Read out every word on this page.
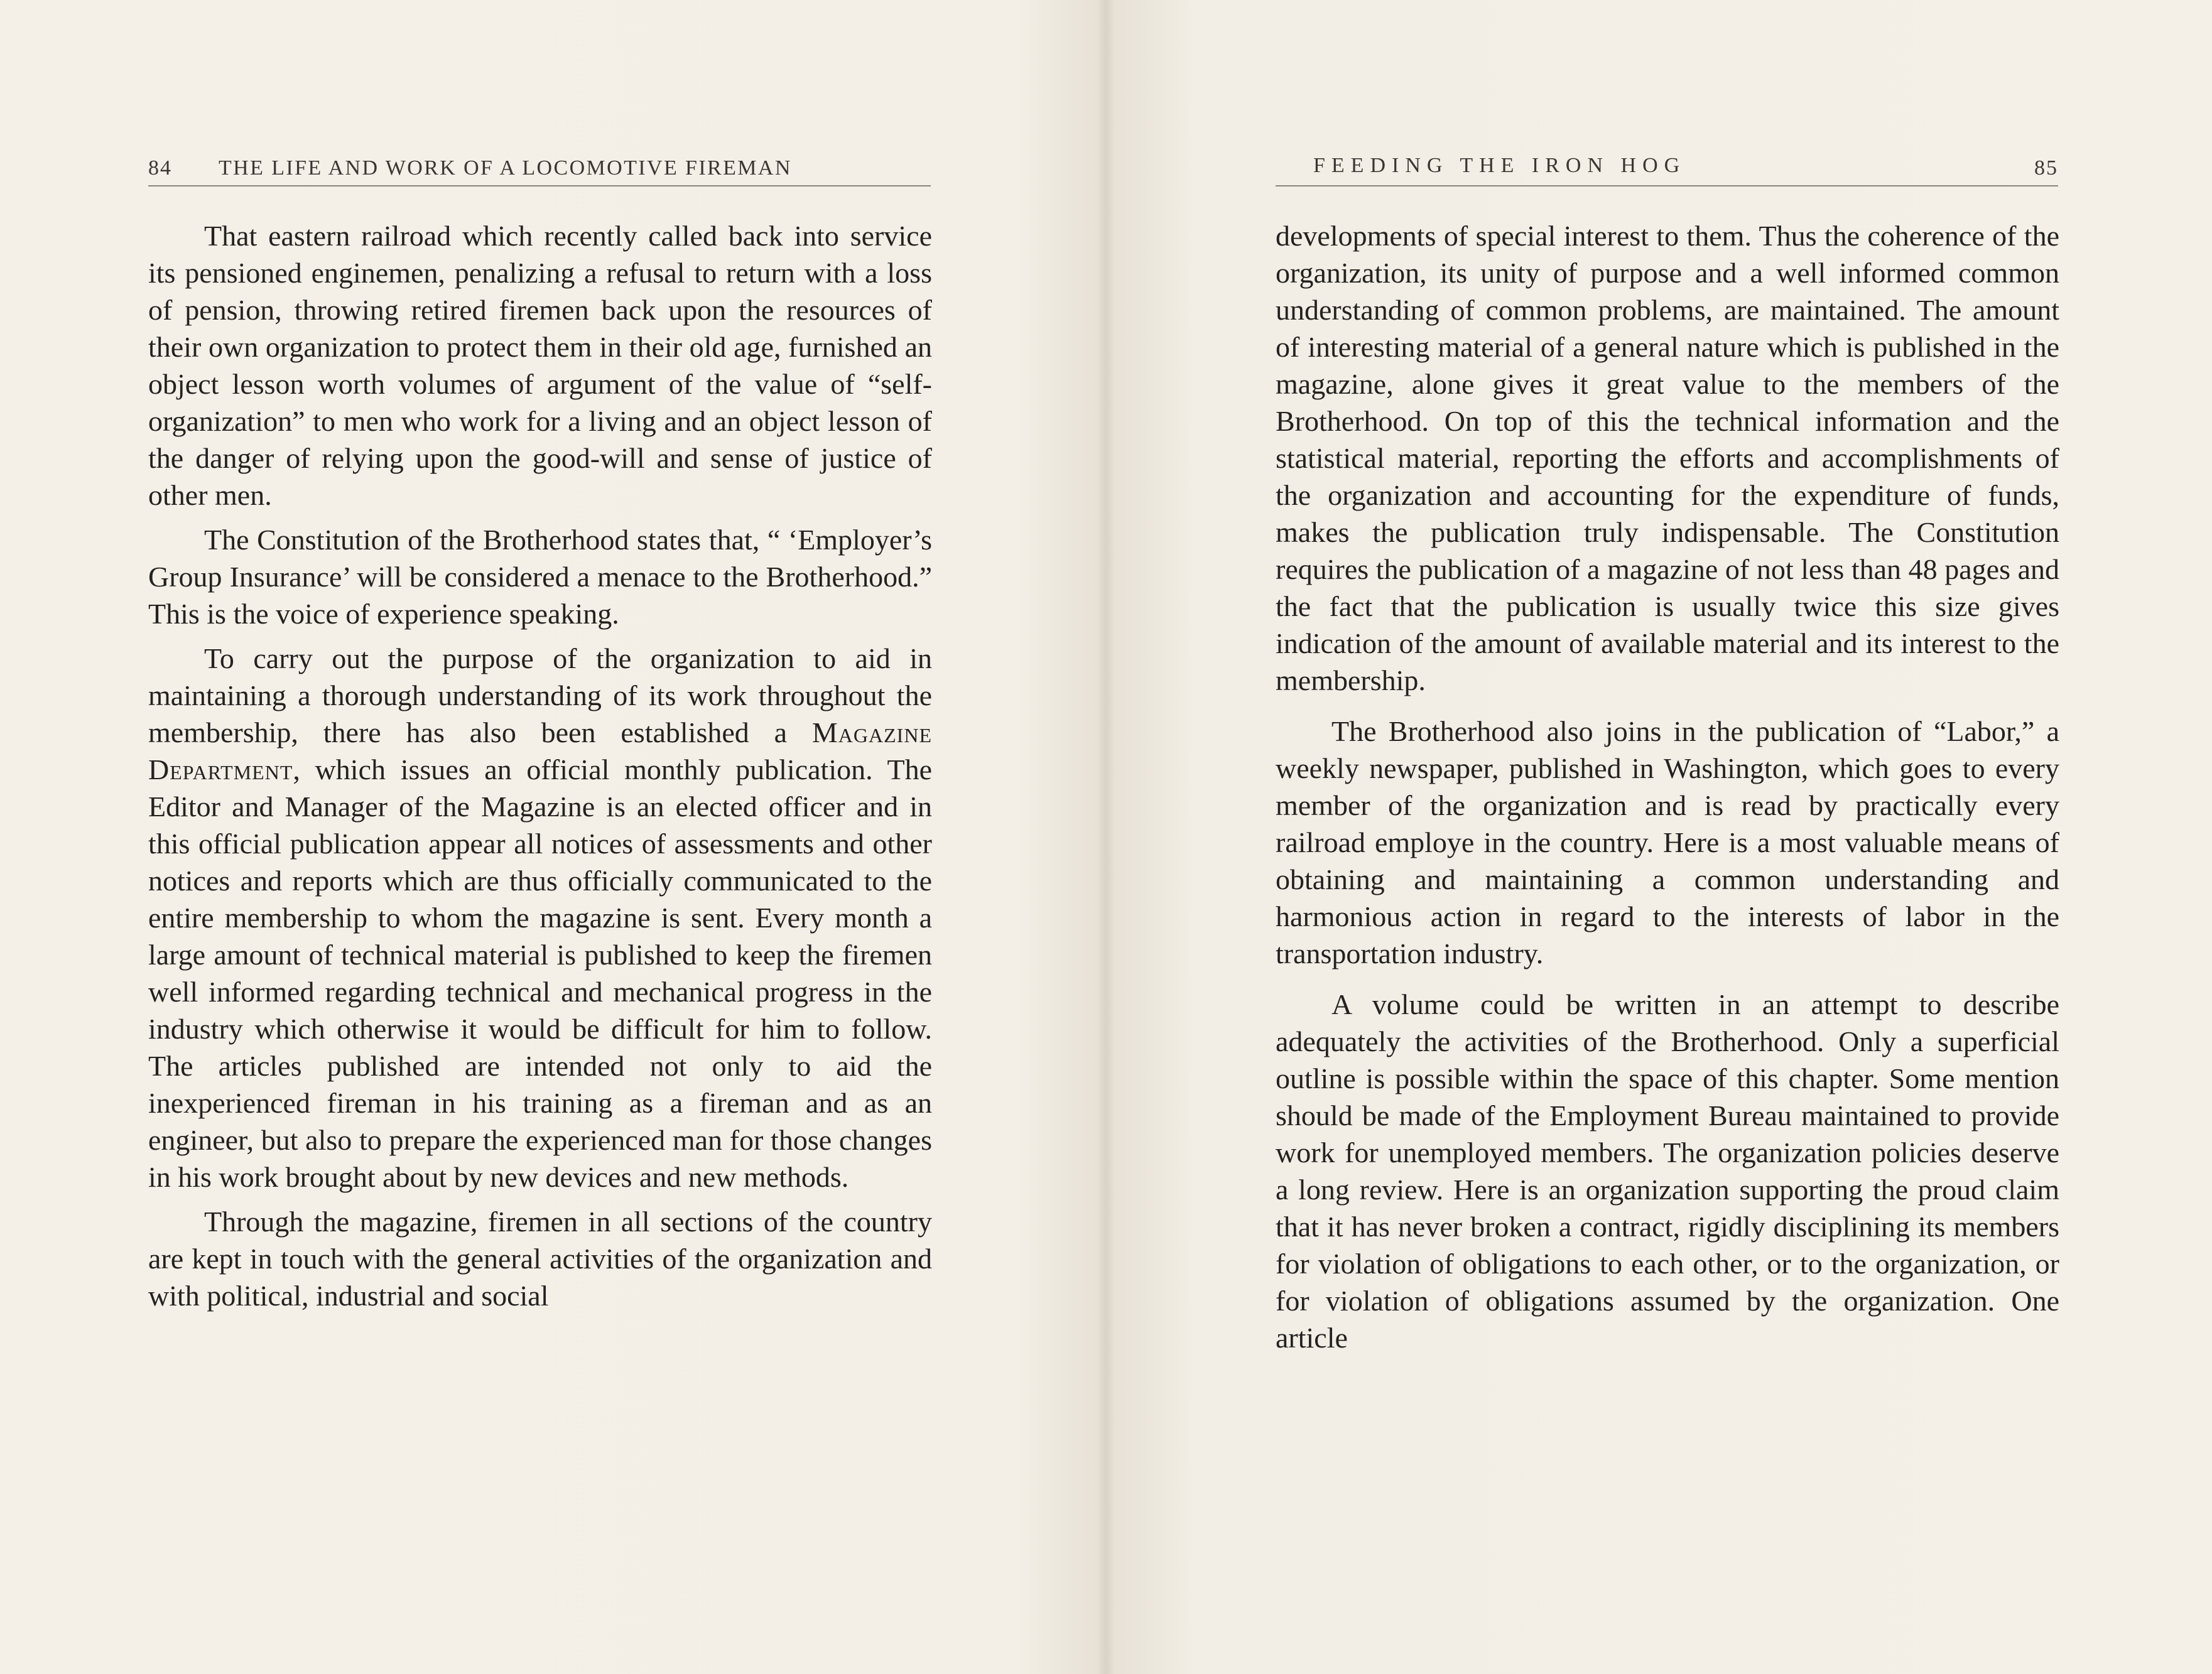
84 THE LIFE AND WORK OF A LOCOMOTIVE FIREMAN

That eastern railroad which recently called back into service its pensioned enginemen, penalizing a refusal to return with a loss of pension, throwing retired firemen back upon the resources of their own organization to protect them in their old age, furnished an object lesson worth volumes of argument of the value of “self-organization” to men who work for a living and an object lesson of the danger of relying upon the good-will and sense of justice of other men.

The Constitution of the Brotherhood states that, “ ‘Employer’s Group Insurance’ will be considered a menace to the Brotherhood.” This is the voice of experience speaking.

To carry out the purpose of the organization to aid in maintaining a thorough understanding of its work throughout the membership, there has also been established a Magazine Department, which issues an official monthly publication. The Editor and Manager of the Magazine is an elected officer and in this official publication appear all notices of assessments and other notices and reports which are thus officially communicated to the entire membership to whom the magazine is sent. Every month a large amount of technical material is published to keep the firemen well informed regarding technical and mechanical progress in the industry which otherwise it would be difficult for him to follow. The articles published are intended not only to aid the inexperienced fireman in his training as a fireman and as an engineer, but also to prepare the experienced man for those changes in his work brought about by new devices and new methods.

Through the magazine, firemen in all sections of the country are kept in touch with the general activities of the organization and with political, industrial and social

FEEDING THE IRON HOG	85

developments of special interest to them. Thus the coherence of the organization, its unity of purpose and a well informed common understanding of common problems, are maintained. The amount of interesting material of a general nature which is published in the magazine, alone gives it great value to the members of the Brotherhood. On top of this the technical information and the statistical material, reporting the efforts and accomplishments of the organization and accounting for the expenditure of funds, makes the publication truly indispensable. The Constitution requires the publication of a magazine of not less than 48 pages and the fact that the publication is usually twice this size gives indication of the amount of available material and its interest to the membership.

The Brotherhood also joins in the publication of “Labor,” a weekly newspaper, published in Washington, which goes to every member of the organization and is read by practically every railroad employe in the country. Here is a most valuable means of obtaining and maintaining a common understanding and harmonious action in regard to the interests of labor in the transportation industry.

A volume could be written in an attempt to describe adequately the activities of the Brotherhood. Only a superficial outline is possible within the space of this chapter. Some mention should be made of the Employment Bureau maintained to provide work for unemployed members. The organization policies deserve a long review. Here is an organization supporting the proud claim that it has never broken a contract, rigidly disciplining its members for violation of obligations to each other, or to the organization, or for violation of obligations assumed by the organization. One article
